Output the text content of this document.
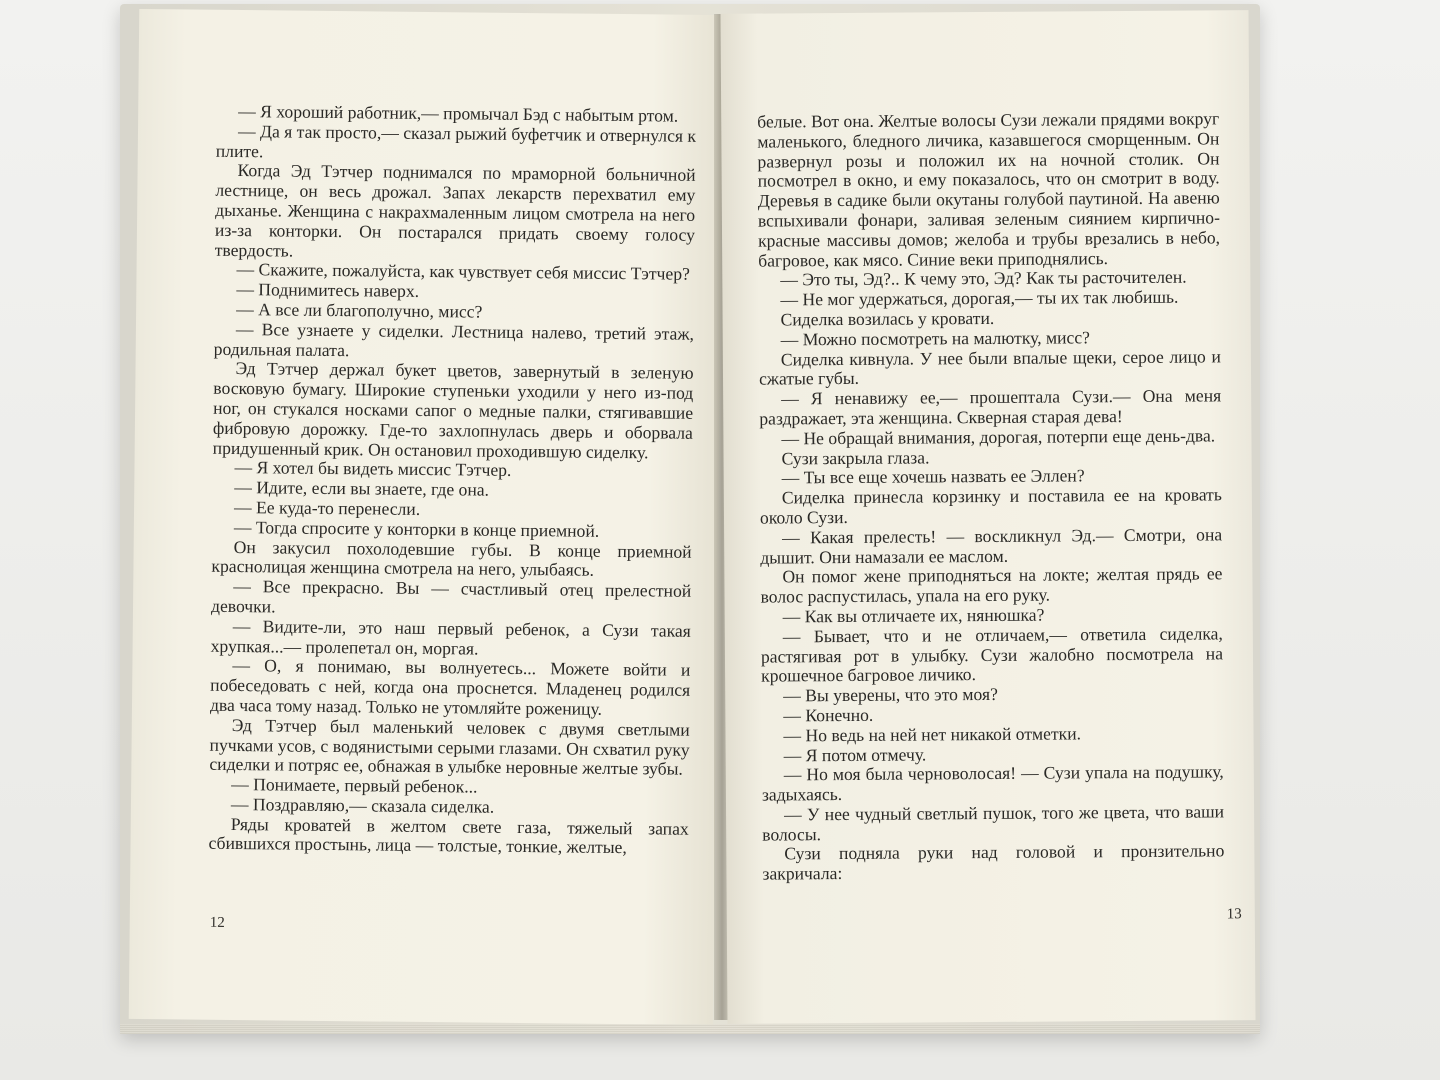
— Я хороший работник,— промычал Бэд с набытым ртом.

— Да я так просто,— сказал рыжий буфетчик и отвернулся к плите.

Когда Эд Тэтчер поднимался по мраморной больничной лестнице, он весь дрожал. Запах лекарств перехватил ему дыханье. Женщина с накрахмаленным лицом смотрела на него из-за конторки. Он постарался придать своему голосу твердость.

— Скажите, пожалуйста, как чувствует себя миссис Тэтчер?

— Поднимитесь наверх.

— А все ли благополучно, мисс?

— Все узнаете у сиделки. Лестница налево, третий этаж, родильная палата.

Эд Тэтчер держал букет цветов, завернутый в зеленую восковую бумагу. Широкие ступеньки уходили у него из-под ног, он стукался носками сапог о медные палки, стягивавшие фибровую дорожку. Где-то захлопнулась дверь и оборвала придушенный крик. Он остановил проходившую сиделку.

— Я хотел бы видеть миссис Тэтчер.

— Идите, если вы знаете, где она.

— Ее куда-то перенесли.

— Тогда спросите у конторки в конце приемной.

Он закусил похолодевшие губы. В конце приемной краснолицая женщина смотрела на него, улыбаясь.

— Все прекрасно. Вы — счастливый отец прелестной девочки.

— Видите-ли, это наш первый ребенок, а Сузи такая хрупкая...— пролепетал он, моргая.

— О, я понимаю, вы волнуетесь... Можете войти и побеседовать с ней, когда она проснется. Младенец родился два часа тому назад. Только не утомляйте роженицу.

Эд Тэтчер был маленький человек с двумя светлыми пучками усов, с водянистыми серыми глазами. Он схватил руку сиделки и потряс ее, обнажая в улыбке неровные желтые зубы.

— Понимаете, первый ребенок...

— Поздравляю,— сказала сиделка.

Ряды кроватей в желтом свете газа, тяжелый запах сбившихся простынь, лица — толстые, тонкие, желтые,

12

белые. Вот она. Желтые волосы Сузи лежали прядями вокруг маленького, бледного личика, казавшегося сморщенным. Он развернул розы и положил их на ночной столик. Он посмотрел в окно, и ему показалось, что он смотрит в воду. Деревья в садике были окутаны голубой паутиной. На авеню вспыхивали фонари, заливая зеленым сиянием кирпично-красные массивы домов; желоба и трубы врезались в небо, багровое, как мясо. Синие веки приподнялись.

— Это ты, Эд?.. К чему это, Эд? Как ты расточителен.

— Не мог удержаться, дорогая,— ты их так любишь.

Сиделка возилась у кровати.

— Можно посмотреть на малютку, мисс?

Сиделка кивнула. У нее были впалые щеки, серое лицо и сжатые губы.

— Я ненавижу ее,— прошептала Сузи.— Она меня раздражает, эта женщина. Скверная старая дева!

— Не обращай внимания, дорогая, потерпи еще день-два.

Сузи закрыла глаза.

— Ты все еще хочешь назвать ее Эллен?

Сиделка принесла корзинку и поставила ее на кровать около Сузи.

— Какая прелесть! — воскликнул Эд.— Смотри, она дышит. Они намазали ее маслом.

Он помог жене приподняться на локте; желтая прядь ее волос распустилась, упала на его руку.

— Как вы отличаете их, нянюшка?

— Бывает, что и не отличаем,— ответила сиделка, растягивая рот в улыбку. Сузи жалобно посмотрела на крошечное багровое личико.

— Вы уверены, что это моя?

— Конечно.

— Но ведь на ней нет никакой отметки.

— Я потом отмечу.

— Но моя была черноволосая! — Сузи упала на подушку, задыхаясь.

— У нее чудный светлый пушок, того же цвета, что ваши волосы.

Сузи подняла руки над головой и пронзительно закричала:

13
